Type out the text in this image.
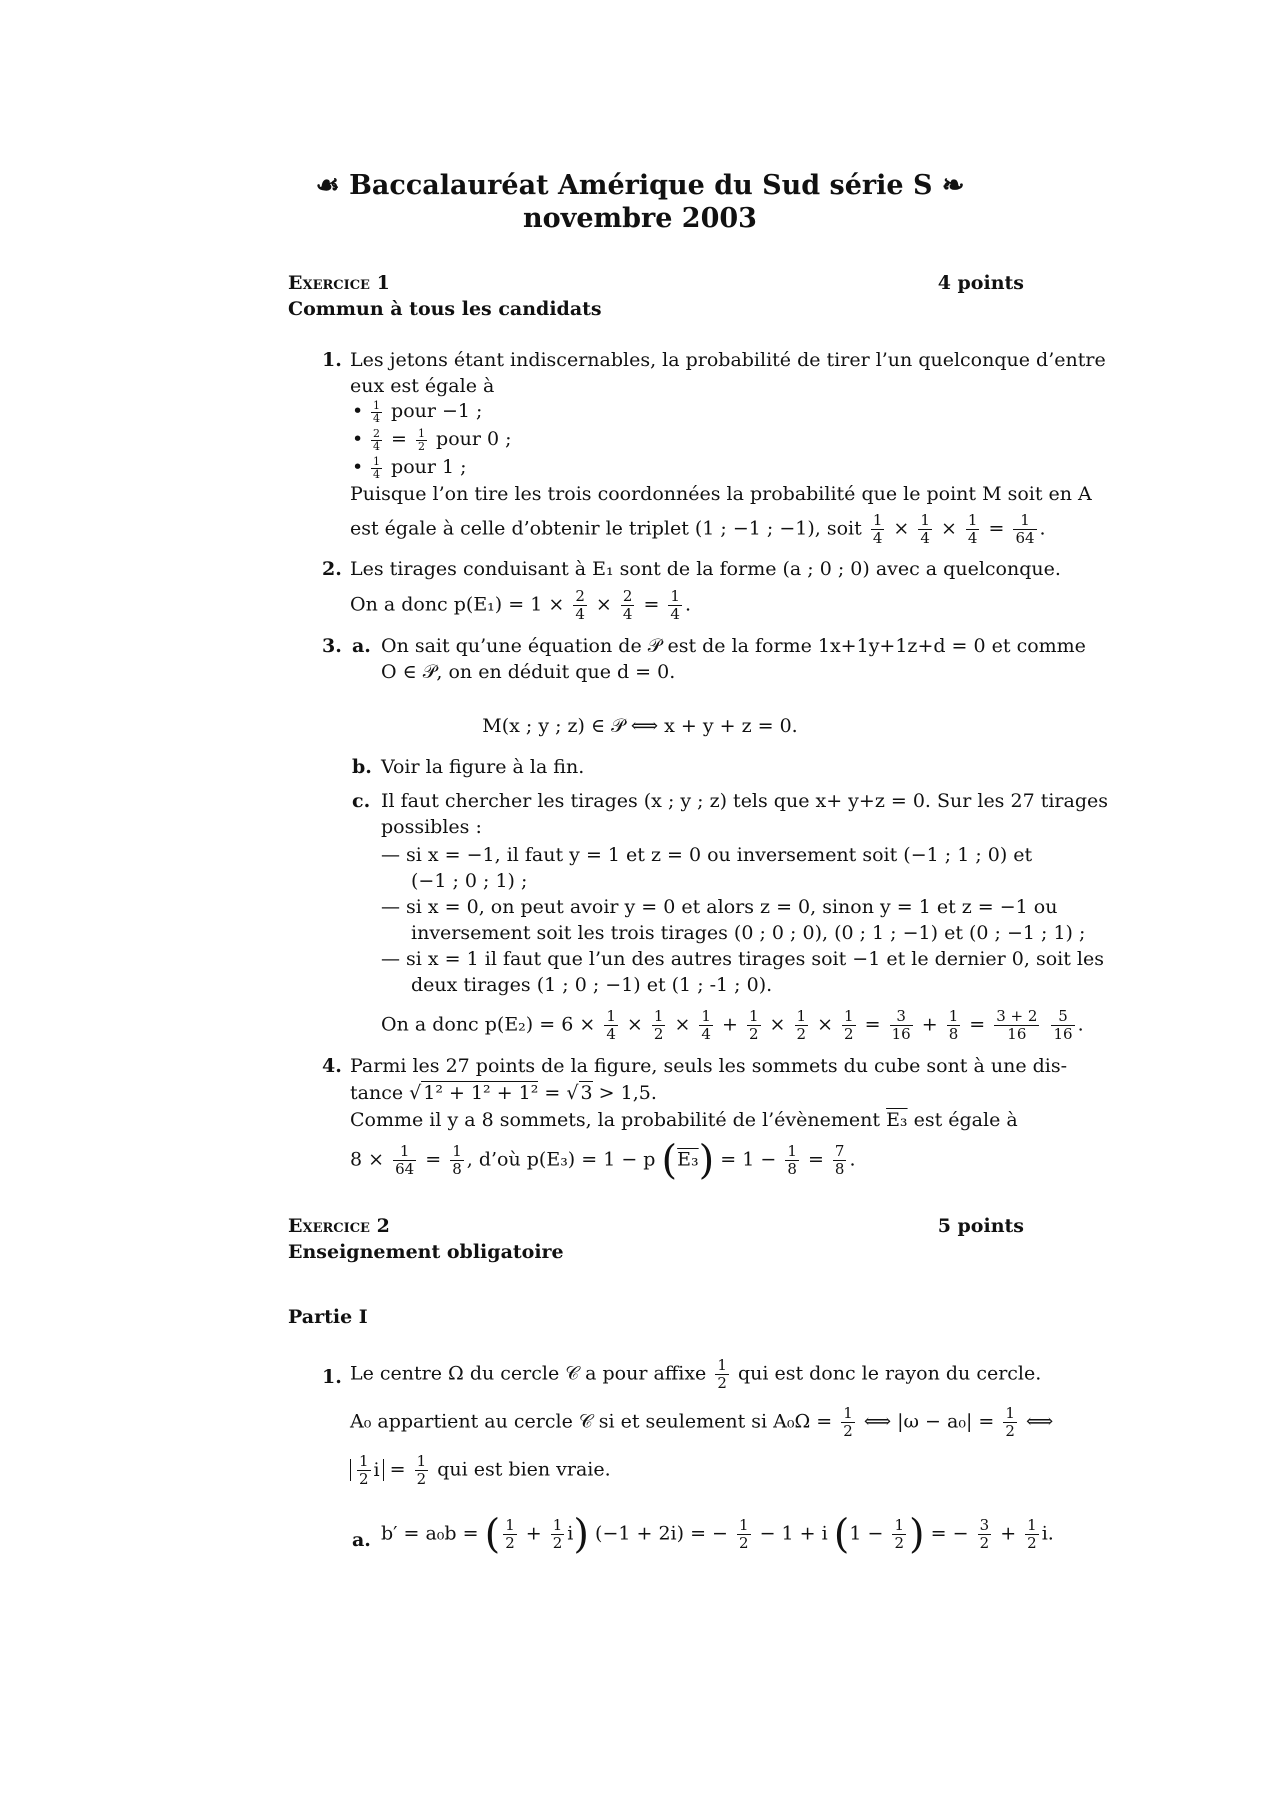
☙ Baccalauréat Amérique du Sud série S ❧
novembre 2003
Exercice 1	4 points
Commun à tous les candidats
1. Les jetons étant indiscernables, la probabilité de tirer l’un quelconque d’entre
eux est égale à
• $\frac{1}{4}$ pour −1 ;
• $\frac{2}{4} = \frac{1}{2}$ pour 0 ;
• $\frac{1}{4}$ pour 1 ;
Puisque l’on tire les trois coordonnées la probabilité que le point M soit en A
est égale à celle d’obtenir le triplet (1 ; −1 ; −1), soit $\frac{1}{4} \times \frac{1}{4} \times \frac{1}{4} = \frac{1}{64}$ .
2. Les tirages conduisant à E₁ sont de la forme (a ; 0 ; 0) avec a quelconque.
On a donc $p(E_1) = 1 \times \frac{2}{4} \times \frac{2}{4} = \frac{1}{4}$ .
3. a. On sait qu’une équation de 𝒫 est de la forme 1x+1y+1z+d = 0 et comme
O ∈ 𝒫, on en déduit que d = 0.
M(x ; y ; z) ∈ 𝒫 ⟺ x + y + z = 0.
b. Voir la figure à la fin.
c. Il faut chercher les tirages (x ; y ; z) tels que x+ y+z = 0. Sur les 27 tirages
possibles :
— si x = −1, il faut y = 1 et z = 0 ou inversement soit (−1 ; 1 ; 0) et
(−1 ; 0 ; 1) ;
— si x = 0, on peut avoir y = 0 et alors z = 0, sinon y = 1 et z = −1 ou
inversement soit les trois tirages (0 ; 0 ; 0), (0 ; 1 ; −1) et (0 ; −1 ; 1) ;
— si x = 1 il faut que l’un des autres tirages soit −1 et le dernier 0, soit les
deux tirages (1 ; 0 ; −1) et (1 ; -1 ; 0).
On a donc $p(E_2) = 6 \times \frac{1}{4} \times \frac{1}{2} \times \frac{1}{4} + \frac{1}{2} \times \frac{1}{2} \times \frac{1}{2} = \frac{3}{16} + \frac{1}{8} = \frac{3 + 2}{16}$
$\frac{5}{16}$ .
4. Parmi les 27 points de la figure, seuls les sommets du cube sont à une dis-
tance √ 1² + 1² + 1² = √ 3 > 1,5.
Comme il y a 8 sommets, la probabilité de l’évènement E₃ est égale à
$8 \times \frac{1}{64} = \frac{1}{8}$ , d’où p(E₃) = 1 − p $(E_3) = 1 - \frac{1}{8} = \frac{7}{8}$ .
Exercice 2	5 points
Enseignement obligatoire
Partie I
1. Le centre Ω du cercle 𝒞 a pour affixe $\frac{1}{2}$ qui est donc le rayon du cercle.
A₀ appartient au cercle 𝒞 si et seulement si $A_0\Omega = \frac{1}{2}$ ⟺ $|\omega - a_0| = \frac{1}{2}$ ⟺
$\frac{1}{2}$ $i = \frac{1}{2}$ qui est bien vraie.
a. b′ = a₀b = ( $\frac{1}{2} + \frac{1}{2} i$) (−1 + 2i) = − $\frac{1}{2} - 1 + i$ ($1 - \frac{1}{2}$ ) = − $\frac{3}{2} + \frac{1}{2} i$.
